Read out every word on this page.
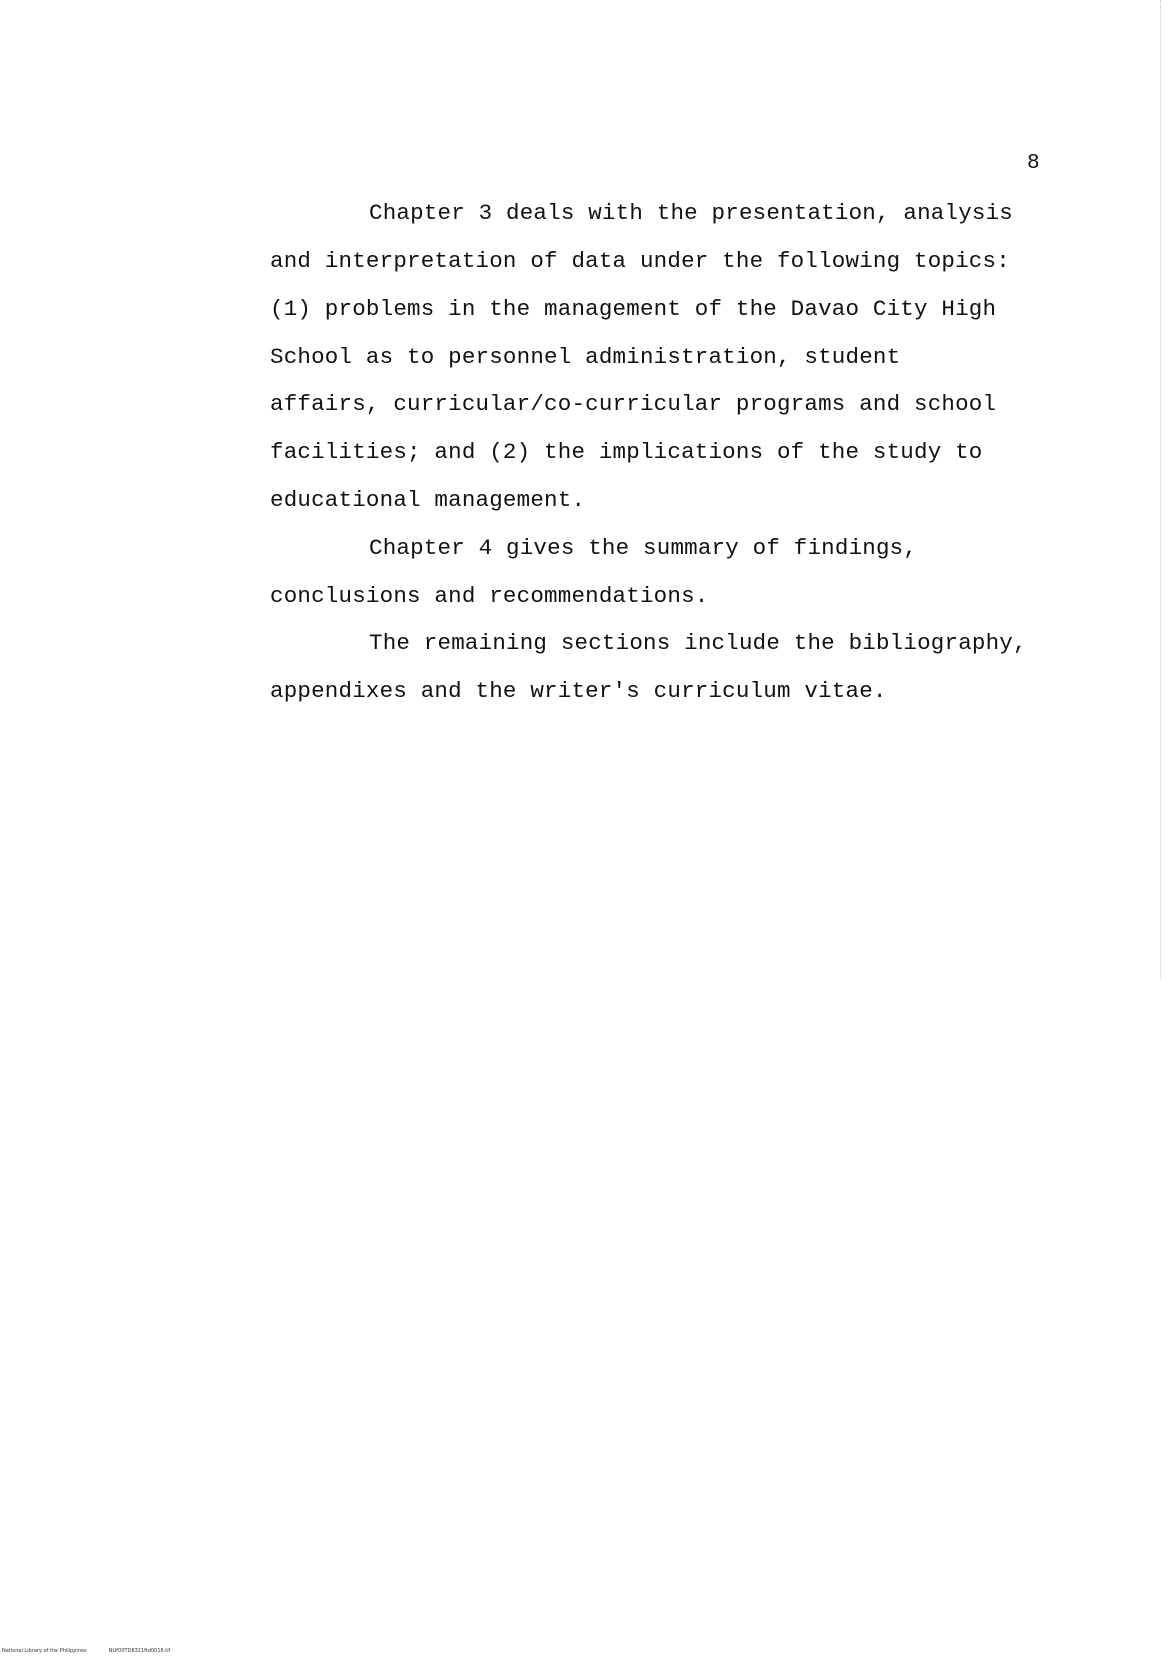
8
Chapter 3 deals with the presentation, analysis
and interpretation of data under the following topics:
(1) problems in the management of the Davao City High
School as to personnel administration, student
affairs, curricular/co-curricular programs and school
facilities; and (2) the implications of the study to
educational management.
Chapter 4 gives the summary of findings,
conclusions and recommendations.
The remaining sections include the bibliography,
appendixes and the writer's curriculum vitae.
National Library of the Philippines	NLP00TD8321ftd0016.tif
